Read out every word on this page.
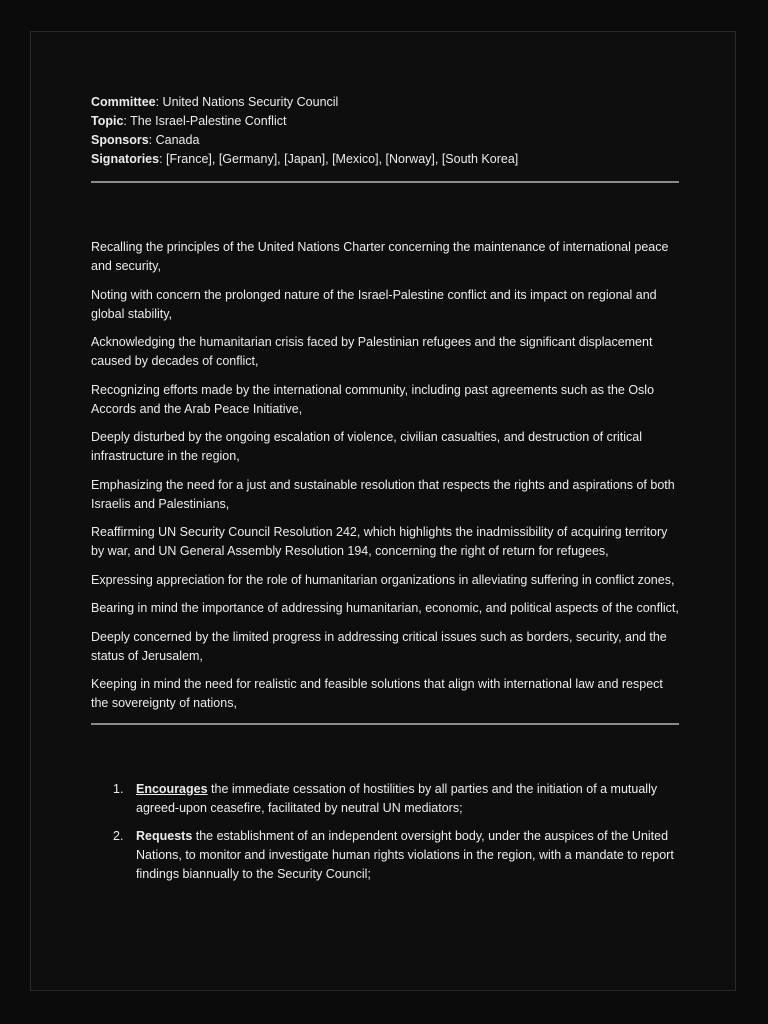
Committee: United Nations Security Council

Topic: The Israel-Palestine Conflict

Sponsors: Canada

Signatories: [France], [Germany], [Japan], [Mexico], [Norway], [South Korea]

Recalling the principles of the United Nations Charter concerning the maintenance of international peace and security,

Noting with concern the prolonged nature of the Israel-Palestine conflict and its impact on regional and global stability,

Acknowledging the humanitarian crisis faced by Palestinian refugees and the significant displacement caused by decades of conflict,

Recognizing efforts made by the international community, including past agreements such as the Oslo Accords and the Arab Peace Initiative,

Deeply disturbed by the ongoing escalation of violence, civilian casualties, and destruction of critical infrastructure in the region,

Emphasizing the need for a just and sustainable resolution that respects the rights and aspirations of both Israelis and Palestinians,

Reaffirming UN Security Council Resolution 242, which highlights the inadmissibility of acquiring territory by war, and UN General Assembly Resolution 194, concerning the right of return for refugees,

Expressing appreciation for the role of humanitarian organizations in alleviating suffering in conflict zones,

Bearing in mind the importance of addressing humanitarian, economic, and political aspects of the conflict,

Deeply concerned by the limited progress in addressing critical issues such as borders, security, and the status of Jerusalem,

Keeping in mind the need for realistic and feasible solutions that align with international law and respect the sovereignty of nations,

1. Encourages the immediate cessation of hostilities by all parties and the initiation of a mutually agreed-upon ceasefire, facilitated by neutral UN mediators;
2. Requests the establishment of an independent oversight body, under the auspices of the United Nations, to monitor and investigate human rights violations in the region, with a mandate to report findings biannually to the Security Council;
